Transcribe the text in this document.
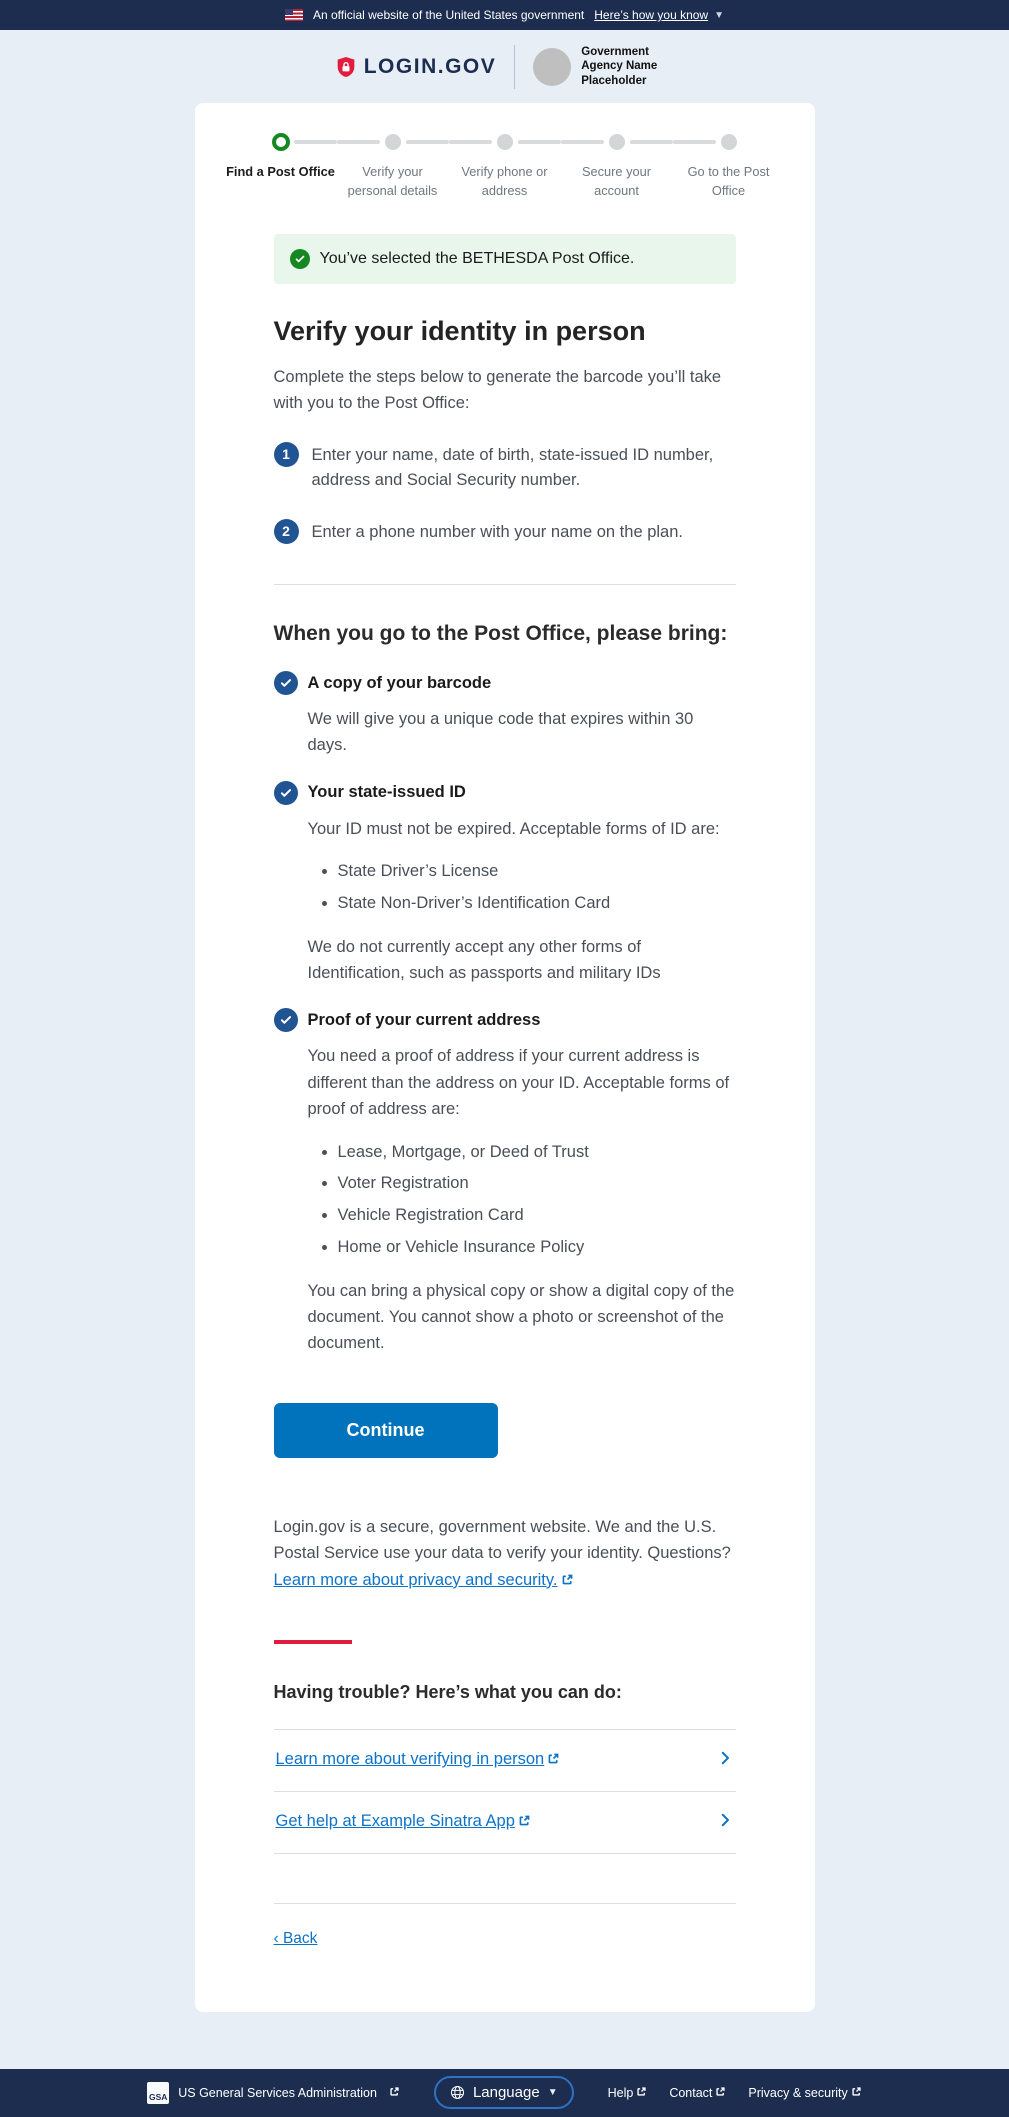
An official website of the United States government Here’s how you know ▼
LOGIN.GOV
Government Agency Name Placeholder
Find a Post Office	Verify your personal details
Verify phone or address
Secure your account
Go to the Post Office
You’ve selected the BETHESDA Post Office.
Verify your identity in person

Complete the steps below to generate the barcode you’ll take with you to the Post Office:

1	Enter your name, date of birth, state-issued ID number, address and Social Security number.
2	Enter a phone number with your name on the plan.
When you go to the Post Office, please bring:
A copy of your barcode

We will give you a unique code that expires within 30 days.

Your state-issued ID

Your ID must not be expired. Acceptable forms of ID are:

• State Driver’s License
• State Non-Driver’s Identification Card

We do not currently accept any other forms of Identification, such as passports and military IDs

Proof of your current address

You need a proof of address if your current address is different than the address on your ID. Acceptable forms of proof of address are:

• Lease, Mortgage, or Deed of Trust
• Voter Registration
• Vehicle Registration Card
• Home or Vehicle Insurance Policy

You can bring a physical copy or show a digital copy of the document. You cannot show a photo or screenshot of the document.

Continue

Login.gov is a secure, government website. We and the U.S. Postal Service use your data to verify your identity. Questions? Learn more about privacy and security.

Having trouble? Here’s what you can do:
Learn more about verifying in person
Get help at Example Sinatra App
‹ Back
GSA US General Services Administration	Language ▼	Help	Contact	Privacy & security
